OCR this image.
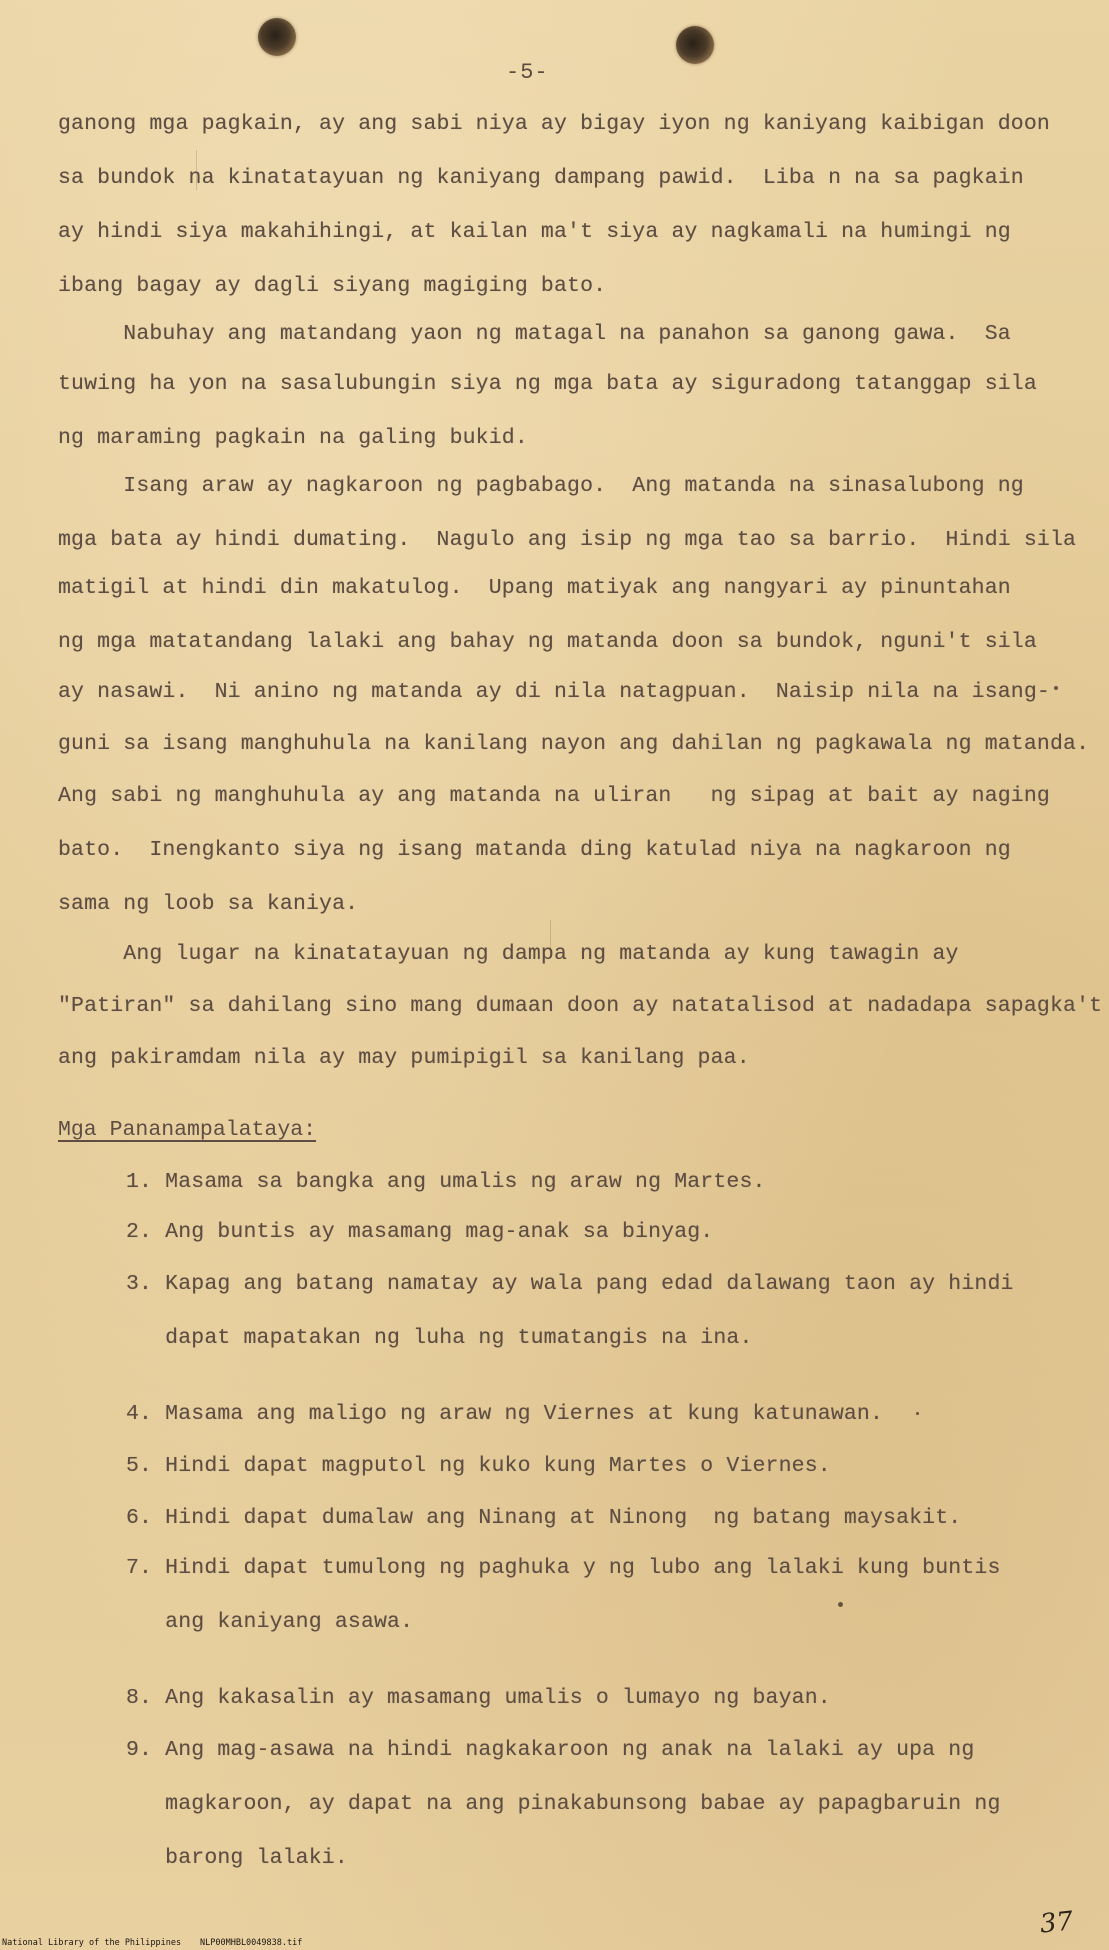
-5-
ganong mga pagkain, ay ang sabi niya ay bigay iyon ng kaniyang kaibigan doon
sa bundok na kinatatayuan ng kaniyang dampang pawid.  Liba n na sa pagkain
ay hindi siya makahihingi, at kailan ma't siya ay nagkamali na humingi ng
ibang bagay ay dagli siyang magiging bato.
Nabuhay ang matandang yaon ng matagal na panahon sa ganong gawa.  Sa
tuwing ha yon na sasalubungin siya ng mga bata ay siguradong tatanggap sila
ng maraming pagkain na galing bukid.
Isang araw ay nagkaroon ng pagbabago.  Ang matanda na sinasalubong ng
mga bata ay hindi dumating.  Nagulo ang isip ng mga tao sa barrio.  Hindi sila
matigil at hindi din makatulog.  Upang matiyak ang nangyari ay pinuntahan
ng mga matatandang lalaki ang bahay ng matanda doon sa bundok, nguni't sila
ay nasawi.  Ni anino ng matanda ay di nila natagpuan.  Naisip nila na isang-
guni sa isang manghuhula na kanilang nayon ang dahilan ng pagkawala ng matanda.
Ang sabi ng manghuhula ay ang matanda na uliran   ng sipag at bait ay naging
bato.  Inengkanto siya ng isang matanda ding katulad niya na nagkaroon ng
sama ng loob sa kaniya.
Ang lugar na kinatatayuan ng dampa ng matanda ay kung tawagin ay
"Patiran" sa dahilang sino mang dumaan doon ay natatalisod at nadadapa sapagka't
ang pakiramdam nila ay may pumipigil sa kanilang paa.
Mga Pananampalataya:
1. Masama sa bangka ang umalis ng araw ng Martes.
2. Ang buntis ay masamang mag-anak sa binyag.
3. Kapag ang batang namatay ay wala pang edad dalawang taon ay hindi
dapat mapatakan ng luha ng tumatangis na ina.
4. Masama ang maligo ng araw ng Viernes at kung katunawan.
5. Hindi dapat magputol ng kuko kung Martes o Viernes.
6. Hindi dapat dumalaw ang Ninang at Ninong  ng batang maysakit.
7. Hindi dapat tumulong ng paghuka y ng lubo ang lalaki kung buntis
ang kaniyang asawa.
8. Ang kakasalin ay masamang umalis o lumayo ng bayan.
9. Ang mag-asawa na hindi nagkakaroon ng anak na lalaki ay upa ng
magkaroon, ay dapat na ang pinakabunsong babae ay papagbaruin ng
barong lalaki.
37

National Library of the Philippines

NLP00MHBL0049838.tif
